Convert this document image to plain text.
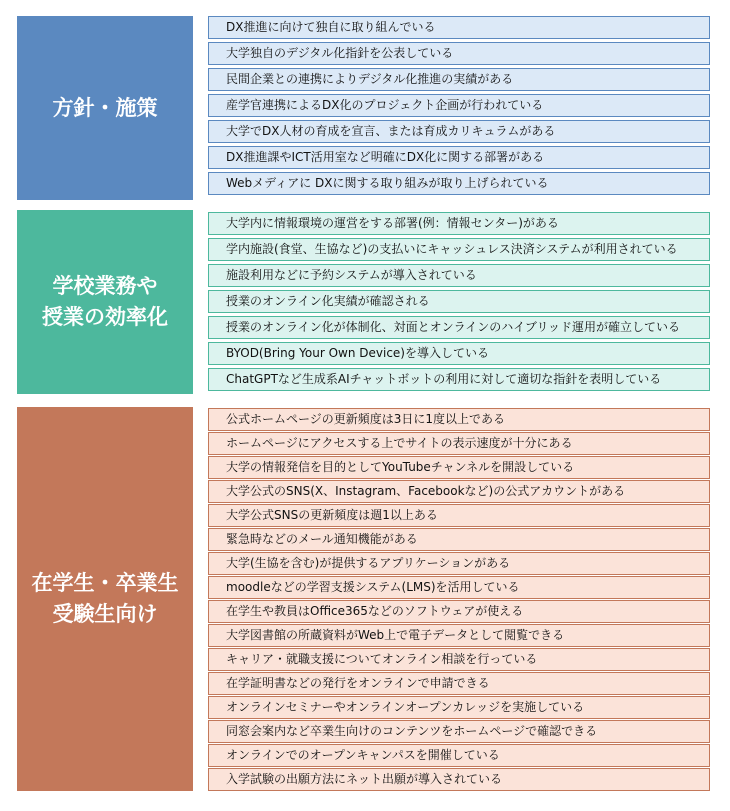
方針・施策
DX推進に向けて独自に取り組んでいる
大学独自のデジタル化指針を公表している
民間企業との連携によりデジタル化推進の実績がある
産学官連携によるDX化のプロジェクト企画が行われている
大学でDX人材の育成を宣言、または育成カリキュラムがある
DX推進課やICT活用室など明確にDX化に関する部署がある
Webメディアに DXに関する取り組みが取り上げられている
学校業務や
授業の効率化
大学内に情報環境の運営をする部署(例：情報センター)がある
学内施設(食堂、生協など)の支払いにキャッシュレス決済システムが利用されている
施設利用などに予約システムが導入されている
授業のオンライン化実績が確認される
授業のオンライン化が体制化、対面とオンラインのハイブリッド運用が確立している
BYOD(Bring Your Own Device)を導入している
ChatGPTなど生成系AIチャットボットの利用に対して適切な指針を表明している
在学生・卒業生
受験生向け
公式ホームページの更新頻度は3日に1度以上である
ホームページにアクセスする上でサイトの表示速度が十分にある
大学の情報発信を目的としてYouTubeチャンネルを開設している
大学公式のSNS(X、Instagram、Facebookなど)の公式アカウントがある
大学公式SNSの更新頻度は週1以上ある
緊急時などのメール通知機能がある
大学(生協を含む)が提供するアプリケーションがある
moodleなどの学習支援システム(LMS)を活用している
在学生や教員はOffice365などのソフトウェアが使える
大学図書館の所蔵資料がWeb上で電子データとして閲覧できる
キャリア・就職支援についてオンライン相談を行っている
在学証明書などの発行をオンラインで申請できる
オンラインセミナーやオンラインオープンカレッジを実施している
同窓会案内など卒業生向けのコンテンツをホームページで確認できる
オンラインでのオープンキャンパスを開催している
入学試験の出願方法にネット出願が導入されている
